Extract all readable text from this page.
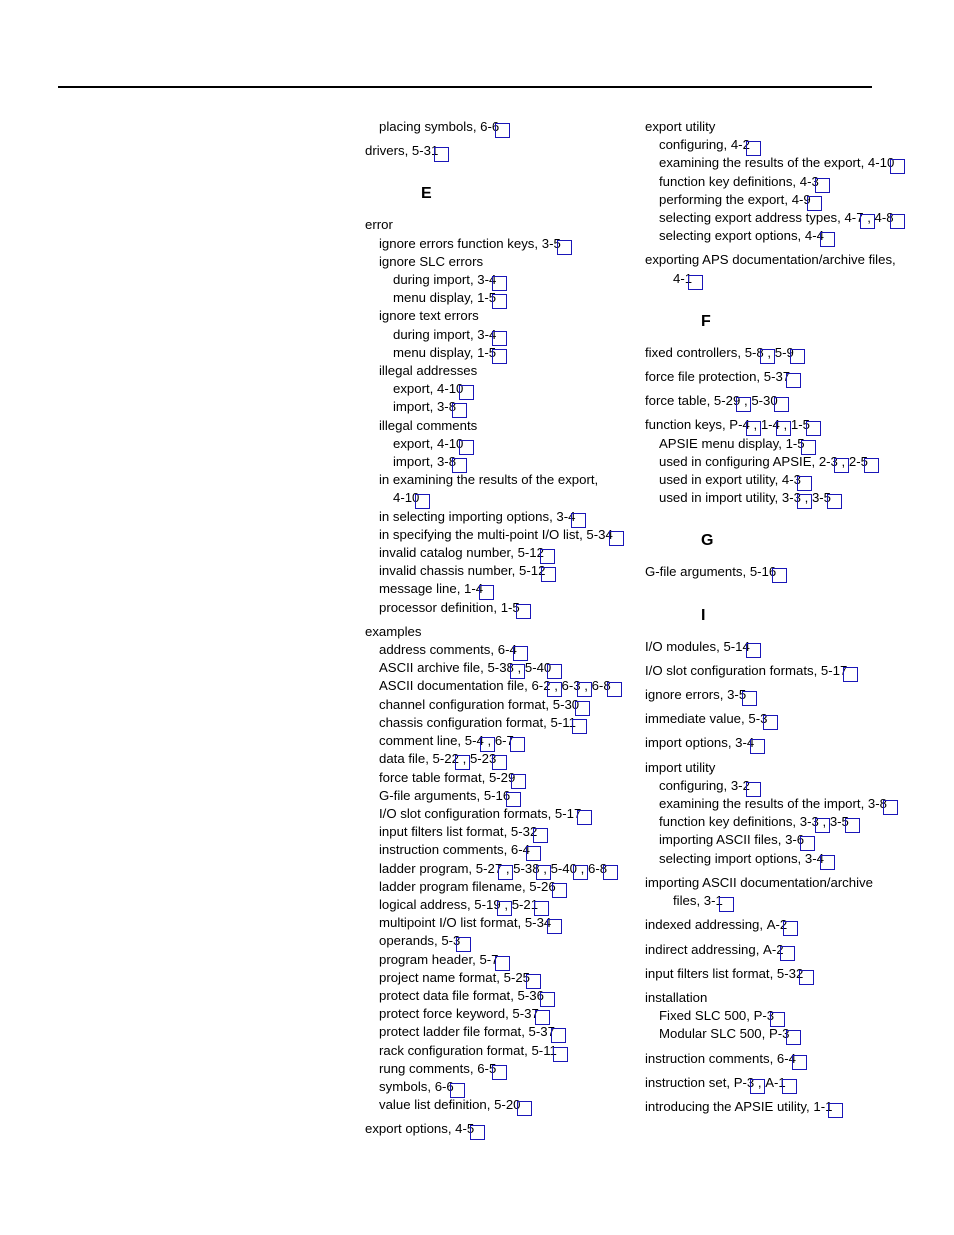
placing symbols, 6-6
drivers, 5-31
E
error
ignore errors function keys, 3-5
ignore SLC errors
during import, 3-4
menu display, 1-5
ignore text errors
during import, 3-4
menu display, 1-5
illegal addresses
export, 4-10
import, 3-8
illegal comments
export, 4-10
import, 3-8
in examining the results of the export,
4-10
in selecting importing options, 3-4
in specifying the multi-point I/O list, 5-34
invalid catalog number, 5-12
invalid chassis number, 5-12
message line, 1-4
processor definition, 1-5
examples
address comments, 6-4
ASCII archive file, 5-38
, 5-40
ASCII documentation file, 6-2
, 6-3
, 6-8
channel configuration format, 5-30
chassis configuration format, 5-11
comment line, 5-4
, 6-7
data file, 5-22
, 5-23
force table format, 5-29
G-file arguments, 5-16
I/O slot configuration formats, 5-17
input filters list format, 5-32
instruction comments, 6-4
ladder program, 5-27
, 5-38
, 5-40
, 6-8
ladder program filename, 5-26
logical address, 5-19
, 5-21
multipoint I/O list format, 5-34
operands, 5-3
program header, 5-7
project name format, 5-25
protect data file format, 5-36
protect force keyword, 5-37
protect ladder file format, 5-37
rack configuration format, 5-11
rung comments, 6-5
symbols, 6-6
value list definition, 5-20
export options, 4-5
export utility
configuring, 4-2
examining the results of the export, 4-10
function key definitions, 4-3
performing the export, 4-9
selecting export address types, 4-7
, 4-8
selecting export options, 4-4
exporting APS documentation/archive files,
4-1
F
fixed controllers, 5-8
, 5-9
force file protection, 5-37
force table, 5-29
, 5-30
function keys, P-4
, 1-4
, 1-5
APSIE menu display, 1-5
used in configuring APSIE, 2-3
, 2-5
used in export utility, 4-3
used in import utility, 3-3
, 3-5
G
G-file arguments, 5-16
I
I/O modules, 5-14
I/O slot configuration formats, 5-17
ignore errors, 3-5
immediate value, 5-3
import options, 3-4
import utility
configuring, 3-2
examining the results of the import, 3-8
function key definitions, 3-3
, 3-5
importing ASCII files, 3-6
selecting import options, 3-4
importing ASCII documentation/archive
files, 3-1
indexed addressing, A-2
indirect addressing, A-2
input filters list format, 5-32
installation
Fixed SLC 500, P-3
Modular SLC 500, P-3
instruction comments, 6-4
instruction set, P-3
, A-1
introducing the APSIE utility, 1-1
